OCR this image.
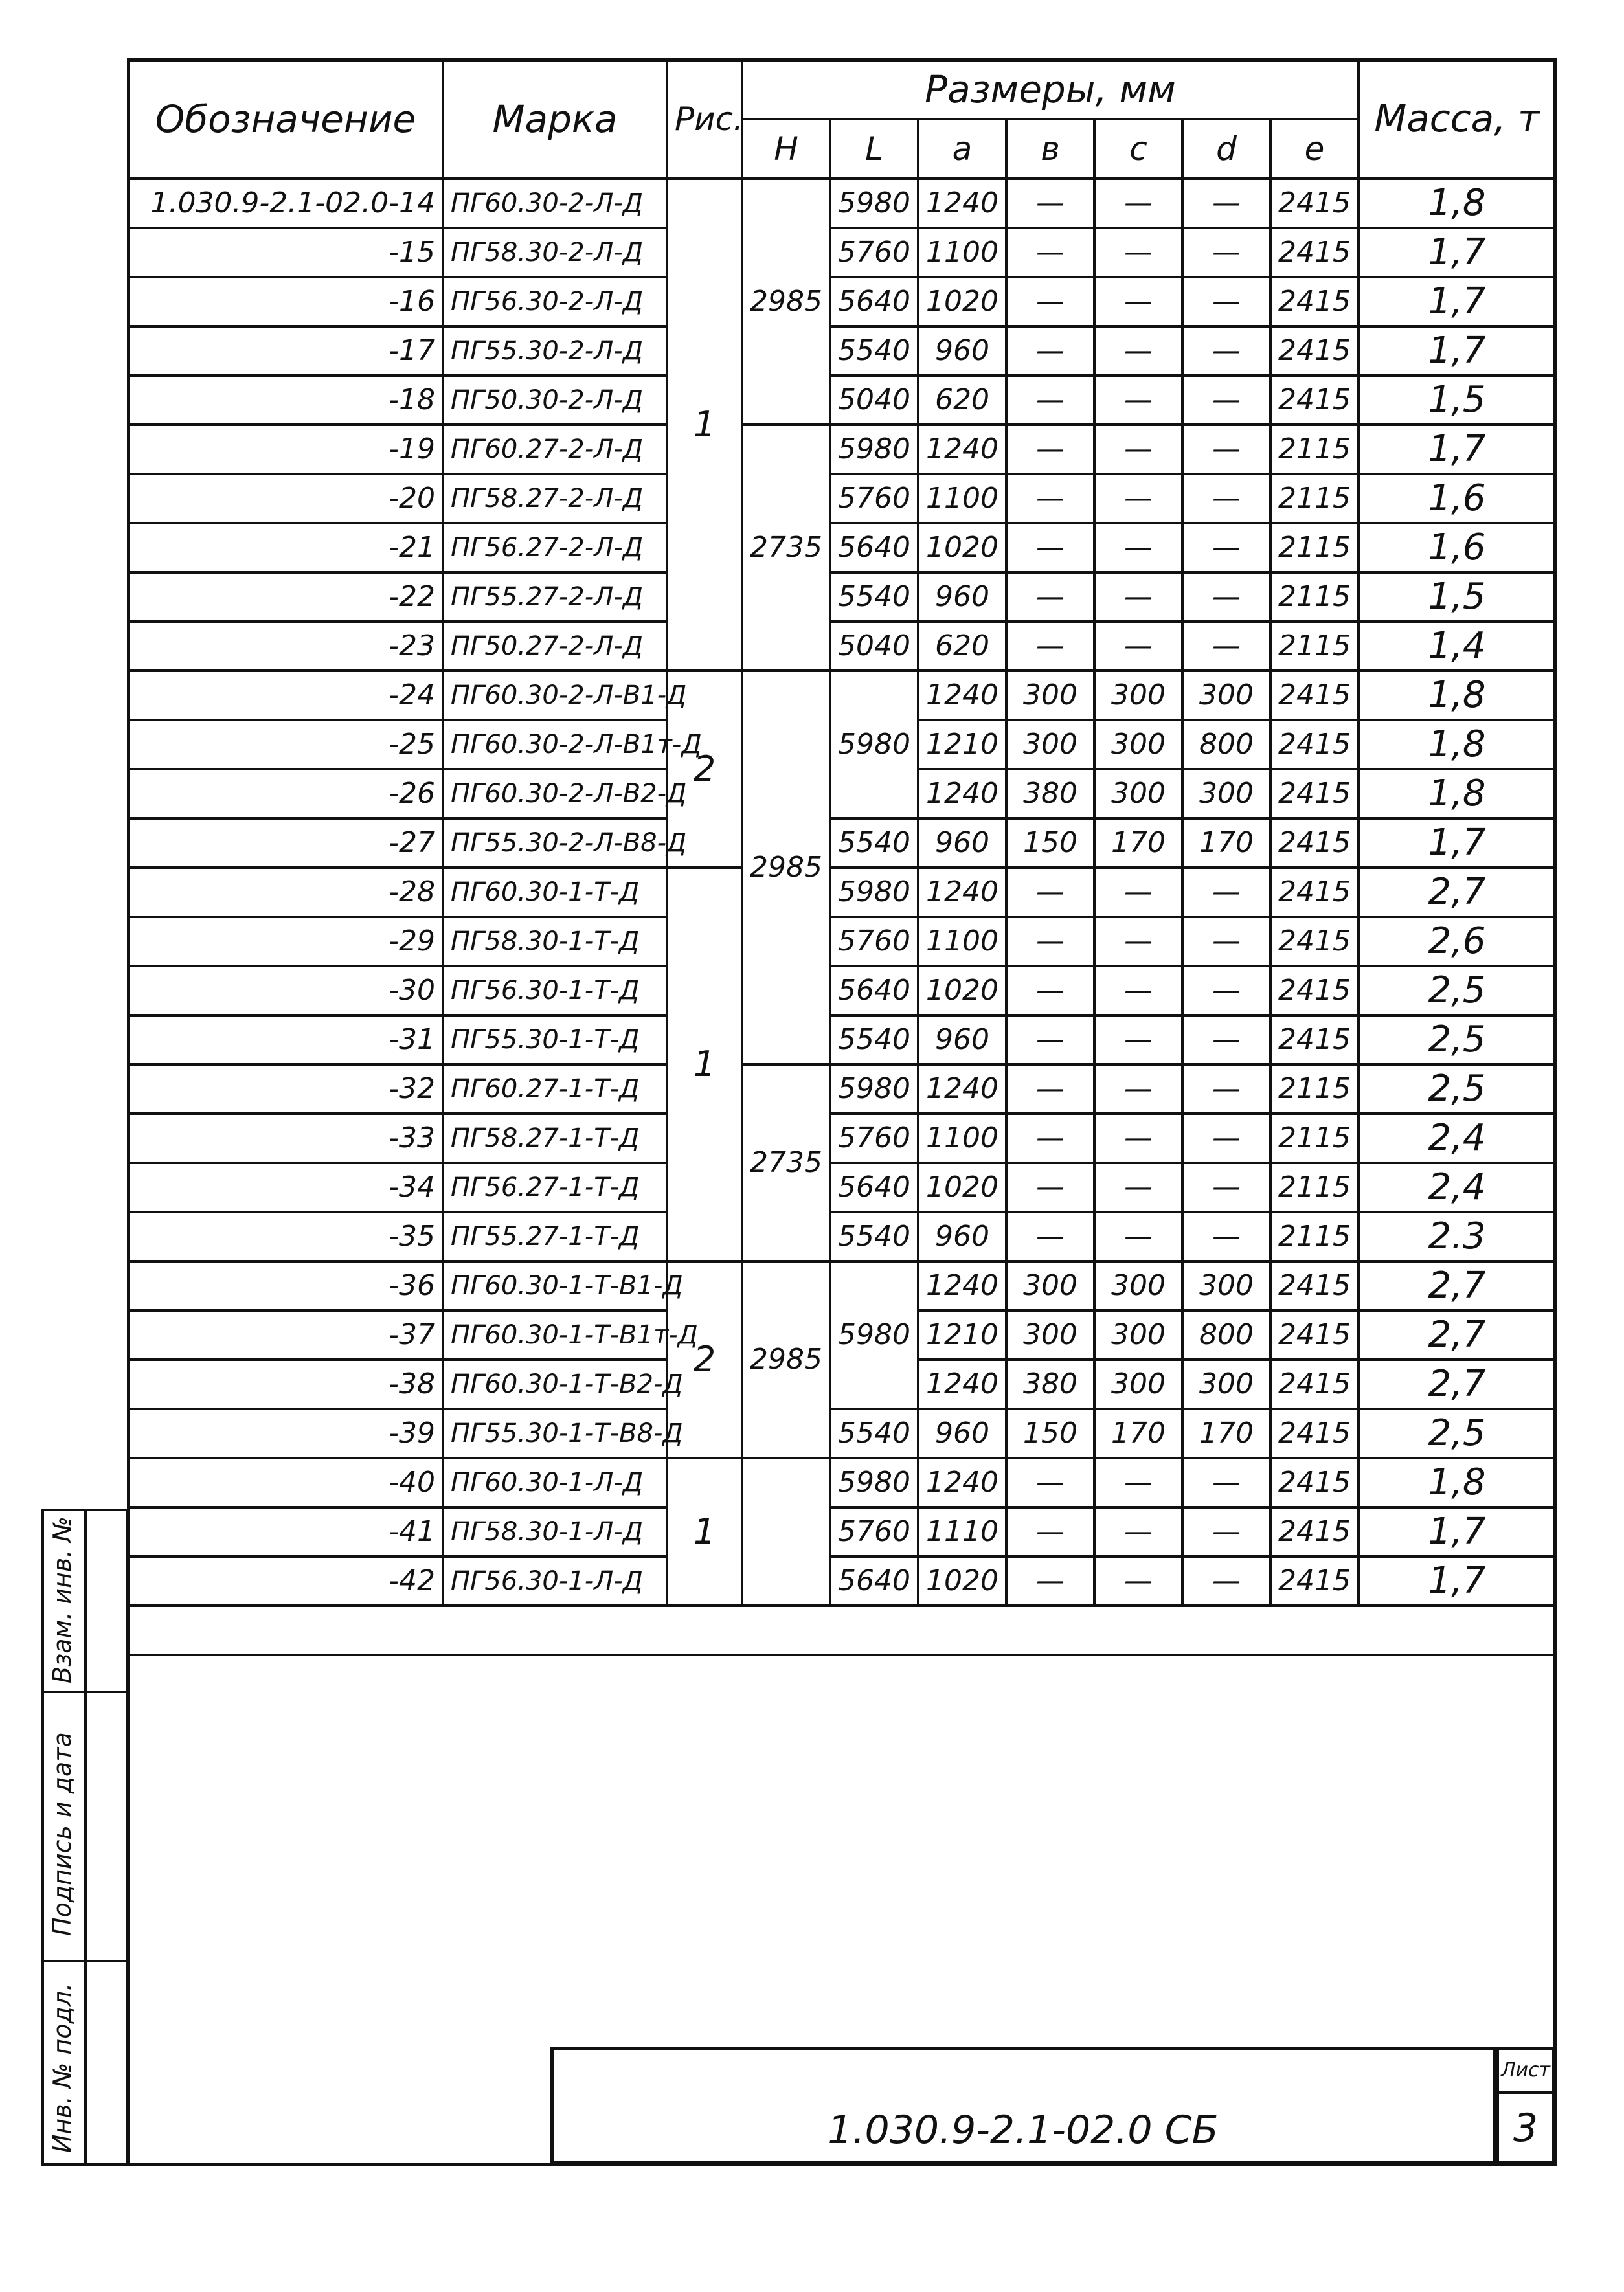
Обозначение	Марка	Рис.	Размеры, мм							Масса, т
			Н	L	a	в	с	d	е	
1.030.9-2.1-02.0-14	ПГ60.30-2-Л-Д	1	2985	5980	1240	—	—	—	2415	1,8
-15	ПГ58.30-2-Л-Д			5760	1100	—	—	—	2415	1,7
-16	ПГ56.30-2-Л-Д			5640	1020	—	—	—	2415	1,7
-17	ПГ55.30-2-Л-Д			5540	960	—	—	—	2415	1,7
-18	ПГ50.30-2-Л-Д			5040	620	—	—	—	2415	1,5
-19	ПГ60.27-2-Л-Д		2735	5980	1240	—	—	—	2115	1,7
-20	ПГ58.27-2-Л-Д			5760	1100	—	—	—	2115	1,6
-21	ПГ56.27-2-Л-Д			5640	1020	—	—	—	2115	1,6
-22	ПГ55.27-2-Л-Д			5540	960	—	—	—	2115	1,5
-23	ПГ50.27-2-Л-Д			5040	620	—	—	—	2115	1,4
-24	ПГ60.30-2-Л-В1-Д	2	2985	5980	1240	300	300	300	2415	1,8
-25	ПГ60.30-2-Л-В1т-Д				1210	300	300	800	2415	1,8
-26	ПГ60.30-2-Л-В2-Д				1240	380	300	300	2415	1,8
-27	ПГ55.30-2-Л-В8-Д			5540	960	150	170	170	2415	1,7
-28	ПГ60.30-1-Т-Д	1		5980	1240	—	—	—	2415	2,7
-29	ПГ58.30-1-Т-Д			5760	1100	—	—	—	2415	2,6
-30	ПГ56.30-1-Т-Д			5640	1020	—	—	—	2415	2,5
-31	ПГ55.30-1-Т-Д			5540	960	—	—	—	2415	2,5
-32	ПГ60.27-1-Т-Д		2735	5980	1240	—	—	—	2115	2,5
-33	ПГ58.27-1-Т-Д			5760	1100	—	—	—	2115	2,4
-34	ПГ56.27-1-Т-Д			5640	1020	—	—	—	2115	2,4
-35	ПГ55.27-1-Т-Д			5540	960	—	—	—	2115	2.3
-36	ПГ60.30-1-Т-В1-Д	2	2985	5980	1240	300	300	300	2415	2,7
-37	ПГ60.30-1-Т-В1т-Д				1210	300	300	800	2415	2,7
-38	ПГ60.30-1-Т-В2-Д				1240	380	300	300	2415	2,7
-39	ПГ55.30-1-Т-В8-Д			5540	960	150	170	170	2415	2,5
-40	ПГ60.30-1-Л-Д	1		5980	1240	—	—	—	2415	1,8
-41	ПГ58.30-1-Л-Д			5760	1110	—	—	—	2415	1,7
-42	ПГ56.30-1-Л-Д			5640	1020	—	—	—	2415	1,7

Взам. инв. №
Подпись и дата
Инв. № подл.	1.030.9-2.1-02.0 СБ
Лист
3
